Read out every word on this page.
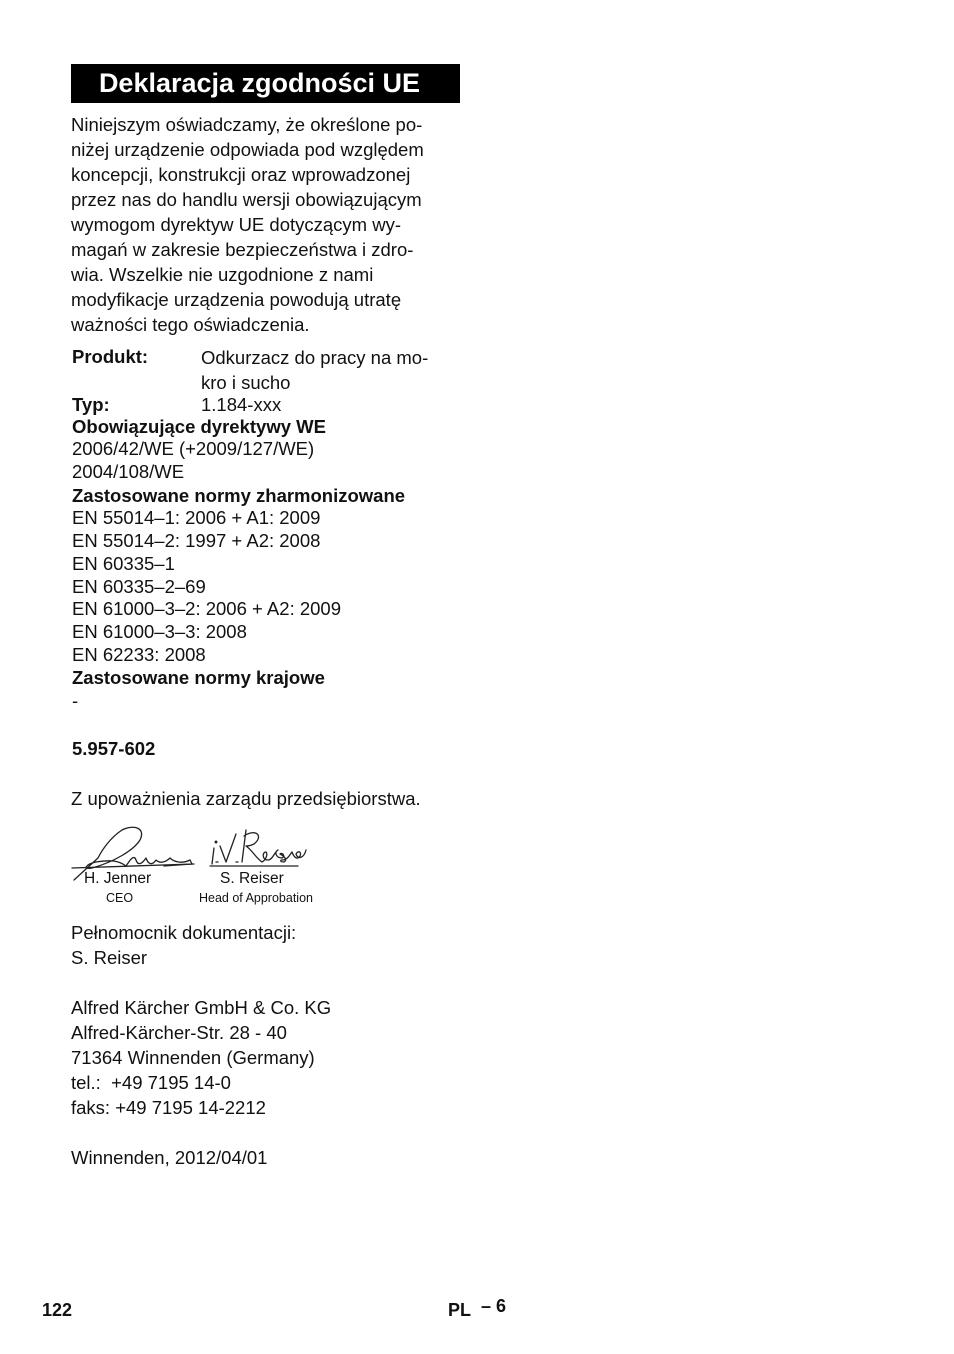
Deklaracja zgodności UE
Niniejszym oświadczamy, że określone po-
niżej urządzenie odpowiada pod względem
koncepcji, konstrukcji oraz wprowadzonej
przez nas do handlu wersji obowiązującym
wymogom dyrektyw UE dotyczącym wy-
magań w zakresie bezpieczeństwa i zdro-
wia. Wszelkie nie uzgodnione z nami
modyfikacje urządzenia powodują utratę
ważności tego oświadczenia.
Produkt:	Odkurzacz do pracy na mo-
kro i sucho
Typ:	1.184-xxx
Obowiązujące dyrektywy WE
2006/42/WE (+2009/127/WE)
2004/108/WE
Zastosowane normy zharmonizowane
EN 55014–1: 2006 + A1: 2009
EN 55014–2: 1997 + A2: 2008
EN 60335–1
EN 60335–2–69
EN 61000–3–2: 2006 + A2: 2009
EN 61000–3–3: 2008
EN 62233: 2008
Zastosowane normy krajowe
-
5.957-602
Z upoważnienia zarządu przedsiębiorstwa.
H. Jenner
CEO
S. Reiser
Head of Approbation
Pełnomocnik dokumentacji:
S. Reiser
Alfred Kärcher GmbH & Co. KG
Alfred-Kärcher-Str. 28 - 40
71364 Winnenden (Germany)
tel.:  +49 7195 14-0
faks: +49 7195 14-2212
Winnenden, 2012/04/01
122	PL – 6
